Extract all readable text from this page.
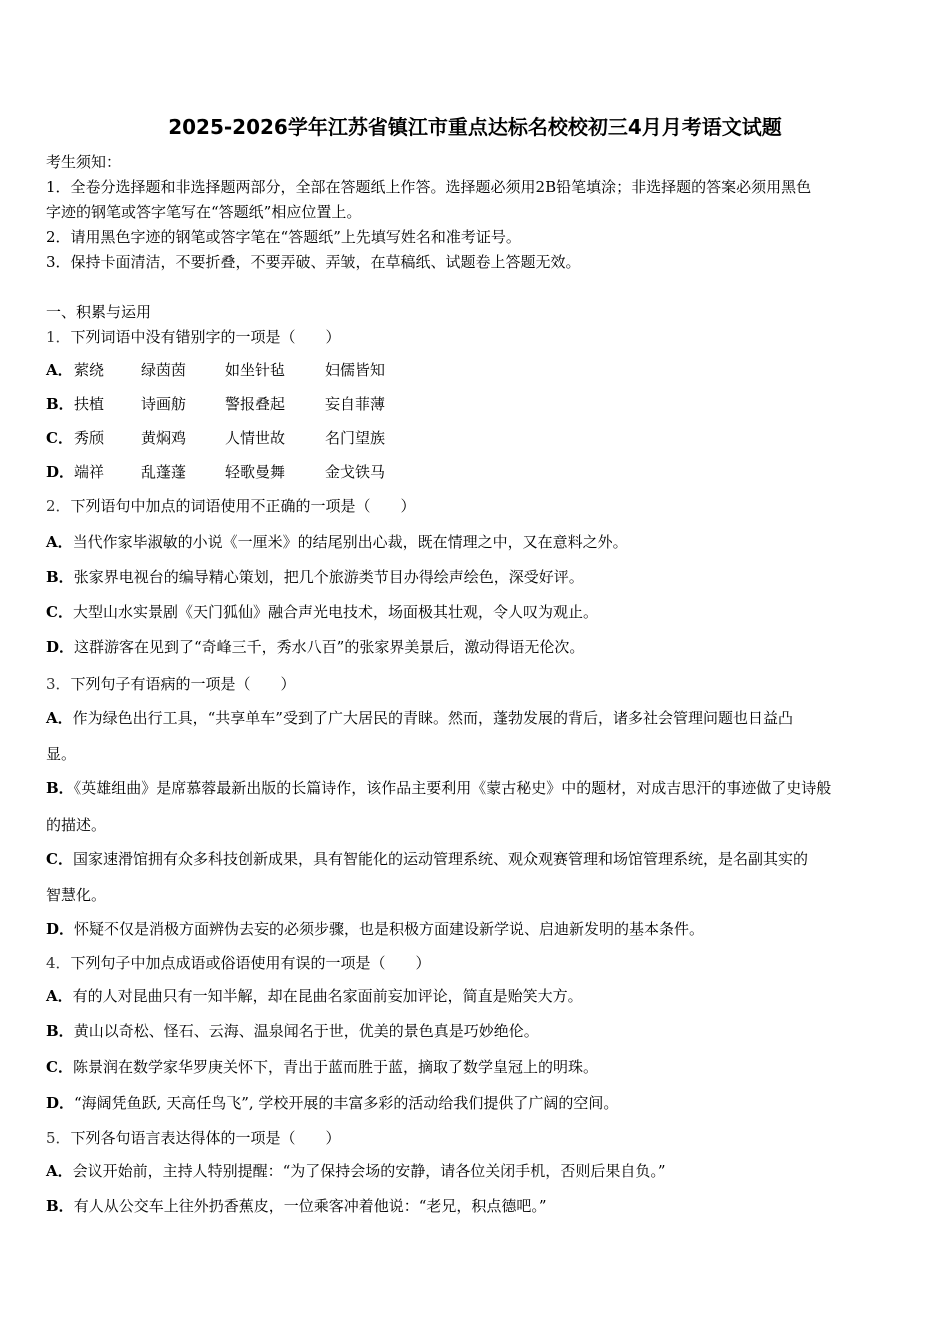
2025-2026学年江苏省镇江市重点达标名校校初三4月月考语文试题
考生须知：
1．全卷分选择题和非选择题两部分，全部在答题纸上作答。选择题必须用2B铅笔填涂；非选择题的答案必须用黑色
字迹的钢笔或答字笔写在“答题纸”相应位置上。
2．请用黑色字迹的钢笔或答字笔在“答题纸”上先填写姓名和准考证号。
3．保持卡面清洁，不要折叠，不要弄破、弄皱，在草稿纸、试题卷上答题无效。
一、积累与运用
1．下列词语中没有错别字的一项是（　　）
A． 萦绕 绿茵茵	如坐针毡	妇儒皆知
B． 扶植 诗画舫	警报叠起	妄自菲薄
C． 秀颀 黄焖鸡	人情世故	名门望族
D． 端祥 乱蓬蓬	轻歌曼舞	金戈铁马
2．下列语句中加点的词语使用不正确的一项是（　　）
A．当代作家毕淑敏的小说《一厘米》的结尾别出心裁，既在情理之中，又在意料之外。
B．张家界电视台的编导精心策划，把几个旅游类节目办得绘声绘色，深受好评。
C．大型山水实景剧《天门狐仙》融合声光电技术，场面极其壮观，令人叹为观止。
D．这群游客在见到了“奇峰三千，秀水八百”的张家界美景后，激动得语无伦次。
3．下列句子有语病的一项是（　　）
A．作为绿色出行工具，“共享单车”受到了广大居民的青睐。然而，蓬勃发展的背后，诸多社会管理问题也日益凸
显。
B．《英雄组曲》是席慕蓉最新出版的长篇诗作，该作品主要利用《蒙古秘史》中的题材，对成吉思汗的事迹做了史诗般
的描述。
C．国家速滑馆拥有众多科技创新成果，具有智能化的运动管理系统、观众观赛管理和场馆管理系统，是名副其实的
智慧化。
D．怀疑不仅是消极方面辨伪去妄的必须步骤，也是积极方面建设新学说、启迪新发明的基本条件。
4．下列句子中加点成语或俗语使用有误的一项是（　　）
A．有的人对昆曲只有一知半解，却在昆曲名家面前妄加评论，简直是贻笑大方。
B．黄山以奇松、怪石、云海、温泉闻名于世，优美的景色真是巧妙绝伦。
C．陈景润在数学家华罗庚关怀下，青出于蓝而胜于蓝，摘取了数学皇冠上的明珠。
D．“海阔凭鱼跃, 天高任鸟飞”, 学校开展的丰富多彩的活动给我们提供了广阔的空间。
5．下列各句语言表达得体的一项是（　　）
A．会议开始前，主持人特别提醒：“为了保持会场的安静，请各位关闭手机，否则后果自负。”
B．有人从公交车上往外扔香蕉皮，一位乘客冲着他说：“老兄，积点德吧。”
